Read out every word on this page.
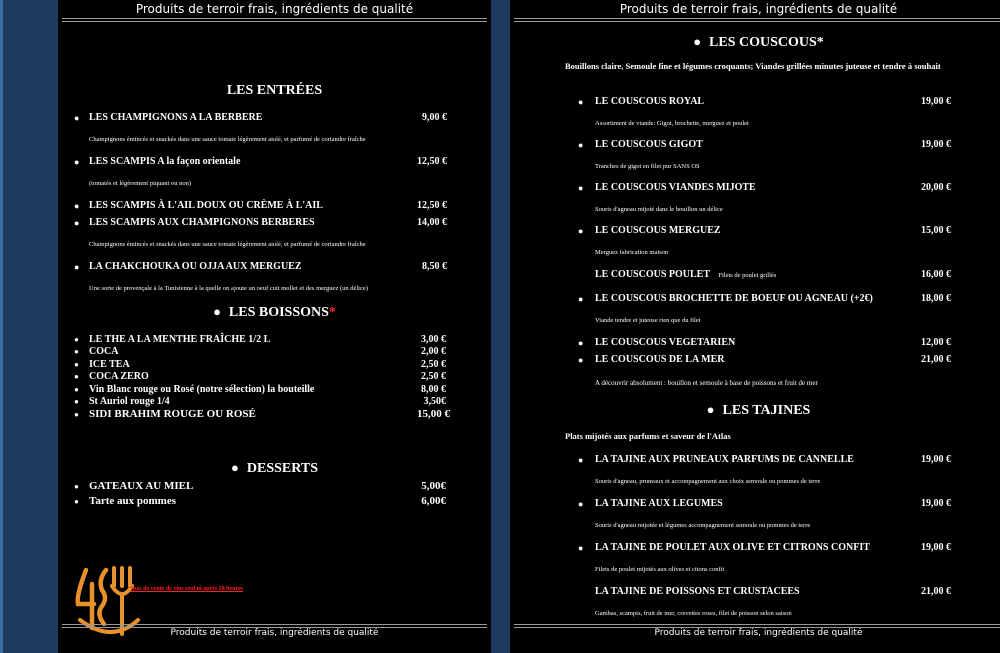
Produits de terroir frais, ingrédients de qualité
LES ENTRÉES
● LES CHAMPIGNONS A LA BERBERE	9,00 €
Champignons émincés et snackés dans une sauce tomate légèrement aiolé, et parfumé de coriandre fraîche
● LES SCAMPIS A la façon orientale	12,50 €
(tomatés et légèrement piquant ou non)
● LES SCAMPIS À L'AIL DOUX OU CRÈME À L'AIL	12,50 €
● LES SCAMPIS AUX CHAMPIGNONS BERBERES	14,00 €
Champignons émincés et snackés dans une sauce tomate légèrement aiolé, et parfumé de coriandre fraîche
● LA CHAKCHOUKA OU OJJA AUX MERGUEZ	8,50 €
Une sorte de provençale à la Tunisienne à la quelle on ajoute un oeuf cuit mollet et des merguez (un délice)
● LES BOISSONS*
● LE THE A LA MENTHE FRAÎCHE 1/2 L	3,00 €
● COCA	2,00 €
● ICE TEA	2,50 €
● COCA ZERO	2,50 €
● Vin Blanc rouge ou Rosé (notre sélection) la bouteille	8,00 €
● St Auriol rouge 1/4	3,50€
● SIDI BRAHIM ROUGE OU ROSÉ	15,00 €
● DESSERTS
● GATEAUX AU MIEL	5,00€
● Tarte aux pommes	6,00€
*pas de vente de vins seul ni après 20 heures
Produits de terroir frais, ingrédients de qualité
Produits de terroir frais, ingrédients de qualité
● LES COUSCOUS*
Bouillons claire, Semoule fine et légumes croquants; Viandes grillées minutes juteuse et tendre à souhait
● LE COUSCOUS ROYAL	19,00 €
Assortiment de viande: Gigot, brochette, merguez et poulet
● LE COUSCOUS GIGOT	19,00 €
Tranches de gigot en filet pur SANS OS
● LE COUSCOUS VIANDES MIJOTE	20,00 €
Souris d'agneau mijoté dans le bouillon un délice
● LE COUSCOUS MERGUEZ	15,00 €
Merguez fabrication maison
LE COUSCOUS POULET Filets de poulet grillés	16,00 €
● LE COUSCOUS BROCHETTE DE BOEUF OU AGNEAU (+2€)	18,00 €
Viande tendre et juteuse rien que du filet
● LE COUSCOUS VEGETARIEN	12,00 €
● LE COUSCOUS DE LA MER	21,00 €
A découvrir absolument : bouillon et semoule à base de poissons et fruit de mer
● LES TAJINES
Plats mijotés aux parfums et saveur de l'Atlas
● LA TAJINE AUX PRUNEAUX PARFUMS DE CANNELLE	19,00 €
Souris d'agneau, pruneaux et accompagnement aux choix semoule ou pommes de terre
● LA TAJINE AUX LEGUMES	19,00 €
Souris d'agneau mijotée et légumes accompagnement semoule ou pommes de terre
● LA TAJINE DE POULET AUX OLIVE ET CITRONS CONFIT	19,00 €
Filets de poulet mijotés aux olives et citons confit
LA TAJINE DE POISSONS ET CRUSTACEES	21,00 €
Gambas, scampis, fruit de mer, crevettes roses, filet de poisson selon saison
Produits de terroir frais, ingrédients de qualité
